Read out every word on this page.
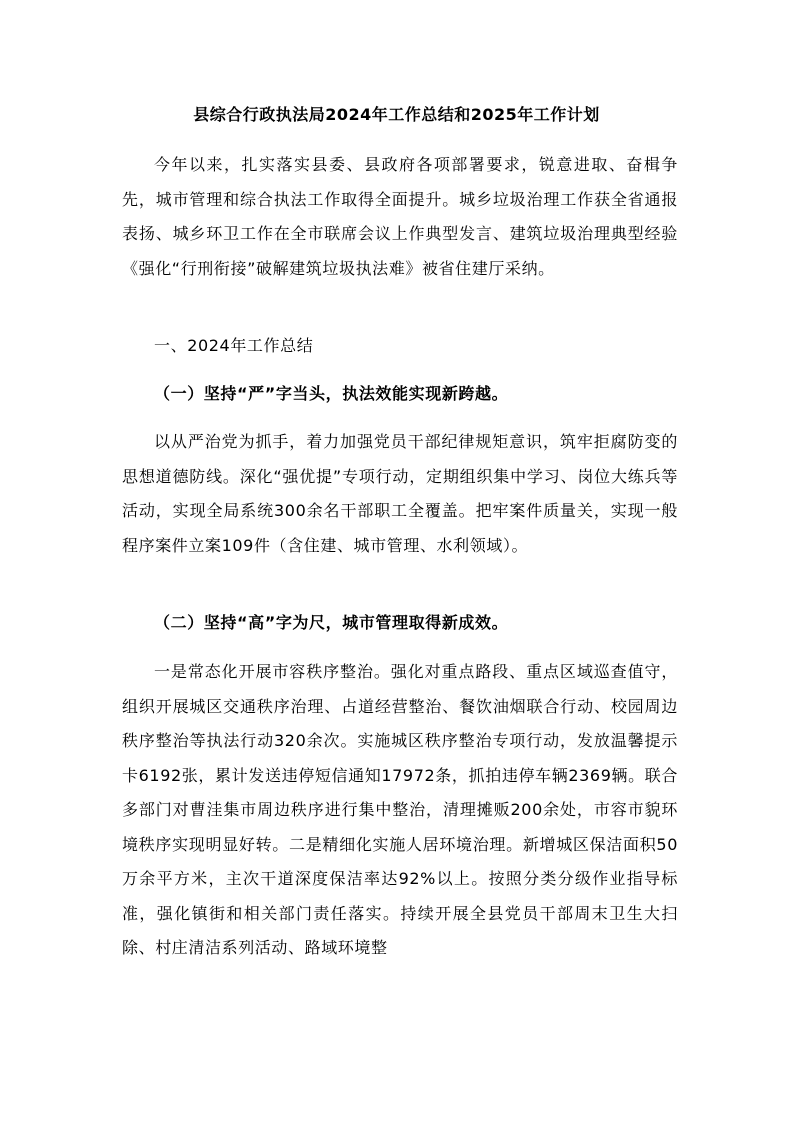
县综合行政执法局2024年工作总结和2025年工作计划

今年以来，扎实落实县委、县政府各项部署要求，锐意进取、奋楫争先，城市管理和综合执法工作取得全面提升。城乡垃圾治理工作获全省通报表扬、城乡环卫工作在全市联席会议上作典型发言、建筑垃圾治理典型经验《强化“行刑衔接”破解建筑垃圾执法难》被省住建厅采纳。

一、2024年工作总结

（一）坚持“严”字当头，执法效能实现新跨越。

以从严治党为抓手，着力加强党员干部纪律规矩意识，筑牢拒腐防变的思想道德防线。深化“强优提”专项行动，定期组织集中学习、岗位大练兵等活动，实现全局系统300余名干部职工全覆盖。把牢案件质量关，实现一般程序案件立案109件（含住建、城市管理、水利领域）。

（二）坚持“高”字为尺，城市管理取得新成效。

一是常态化开展市容秩序整治。强化对重点路段、重点区域巡查值守，组织开展城区交通秩序治理、占道经营整治、餐饮油烟联合行动、校园周边秩序整治等执法行动320余次。实施城区秩序整治专项行动，发放温馨提示卡6192张，累计发送违停短信通知17972条，抓拍违停车辆2369辆。联合多部门对曹洼集市周边秩序进行集中整治，清理摊贩200余处，市容市貌环境秩序实现明显好转。二是精细化实施人居环境治理。新增城区保洁面积50万余平方米，主次干道深度保洁率达92%以上。按照分类分级作业指导标准，强化镇街和相关部门责任落实。持续开展全县党员干部周末卫生大扫除、村庄清洁系列活动、路域环境整
